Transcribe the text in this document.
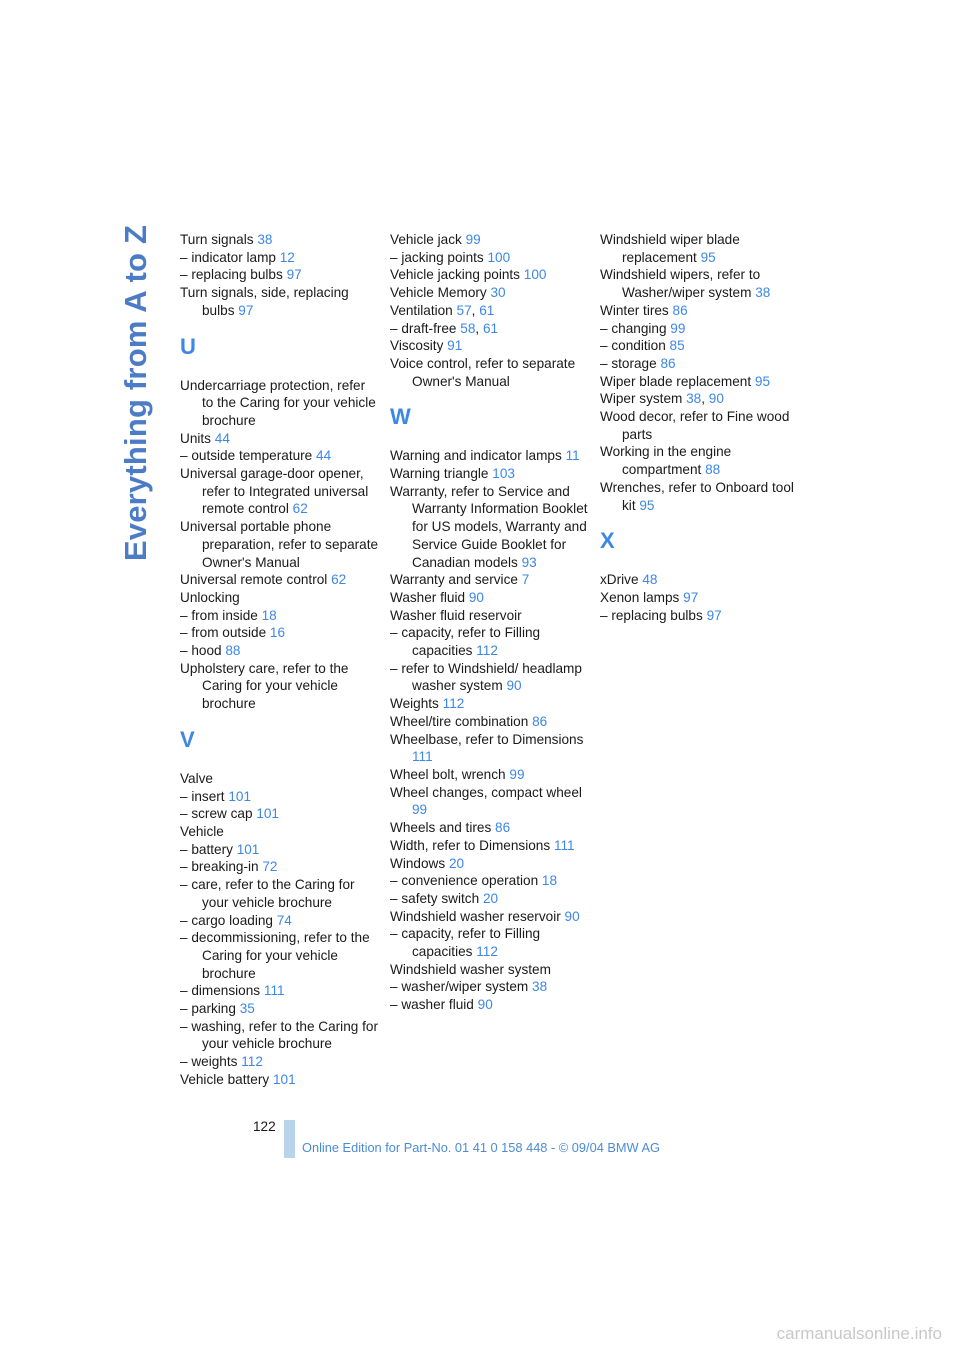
Everything from A to Z Turn signals 38
– indicator lamp 12
– replacing bulbs 97
Turn signals, side, replacing bulbs 97
U
Undercarriage protection, refer to the Caring for your vehicle brochure
Units 44
– outside temperature 44
Universal garage-door opener, refer to Integrated universal remote control 62
Universal portable phone preparation, refer to separate Owner's Manual
Universal remote control 62
Unlocking
– from inside 18
– from outside 16
– hood 88
Upholstery care, refer to the Caring for your vehicle brochure
V
Valve
– insert 101
– screw cap 101
Vehicle
– battery 101
– breaking-in 72
– care, refer to the Caring for your vehicle brochure
– cargo loading 74
– decommissioning, refer to the Caring for your vehicle brochure
– dimensions 111
– parking 35
– washing, refer to the Caring for your vehicle brochure
– weights 112
Vehicle battery 101
Vehicle jack 99
– jacking points 100
Vehicle jacking points 100
Vehicle Memory 30
Ventilation 57, 61
– draft-free 58, 61
Viscosity 91
Voice control, refer to separate Owner's Manual
W
Warning and indicator lamps 11
Warning triangle 103
Warranty, refer to Service and Warranty Information Booklet for US models, Warranty and Service Guide Booklet for Canadian models 93
Warranty and service 7
Washer fluid 90
Washer fluid reservoir
– capacity, refer to Filling capacities 112
– refer to Windshield/ headlamp washer system 90
Weights 112
Wheel/tire combination 86
Wheelbase, refer to Dimensions 111
Wheel bolt, wrench 99
Wheel changes, compact wheel 99
Wheels and tires 86
Width, refer to Dimensions 111
Windows 20
– convenience operation 18
– safety switch 20
Windshield washer reservoir 90
– capacity, refer to Filling capacities 112
Windshield washer system
– washer/wiper system 38
– washer fluid 90
Windshield wiper blade replacement 95
Windshield wipers, refer to Washer/wiper system 38
Winter tires 86
– changing 99
– condition 85
– storage 86
Wiper blade replacement 95
Wiper system 38, 90
Wood decor, refer to Fine wood parts
Working in the engine compartment 88
Wrenches, refer to Onboard tool kit 95
X
xDrive 48
Xenon lamps 97
– replacing bulbs 97
122
Online Edition for Part-No. 01 41 0 158 448 - © 09/04 BMW AG
carmanualsonline.info
